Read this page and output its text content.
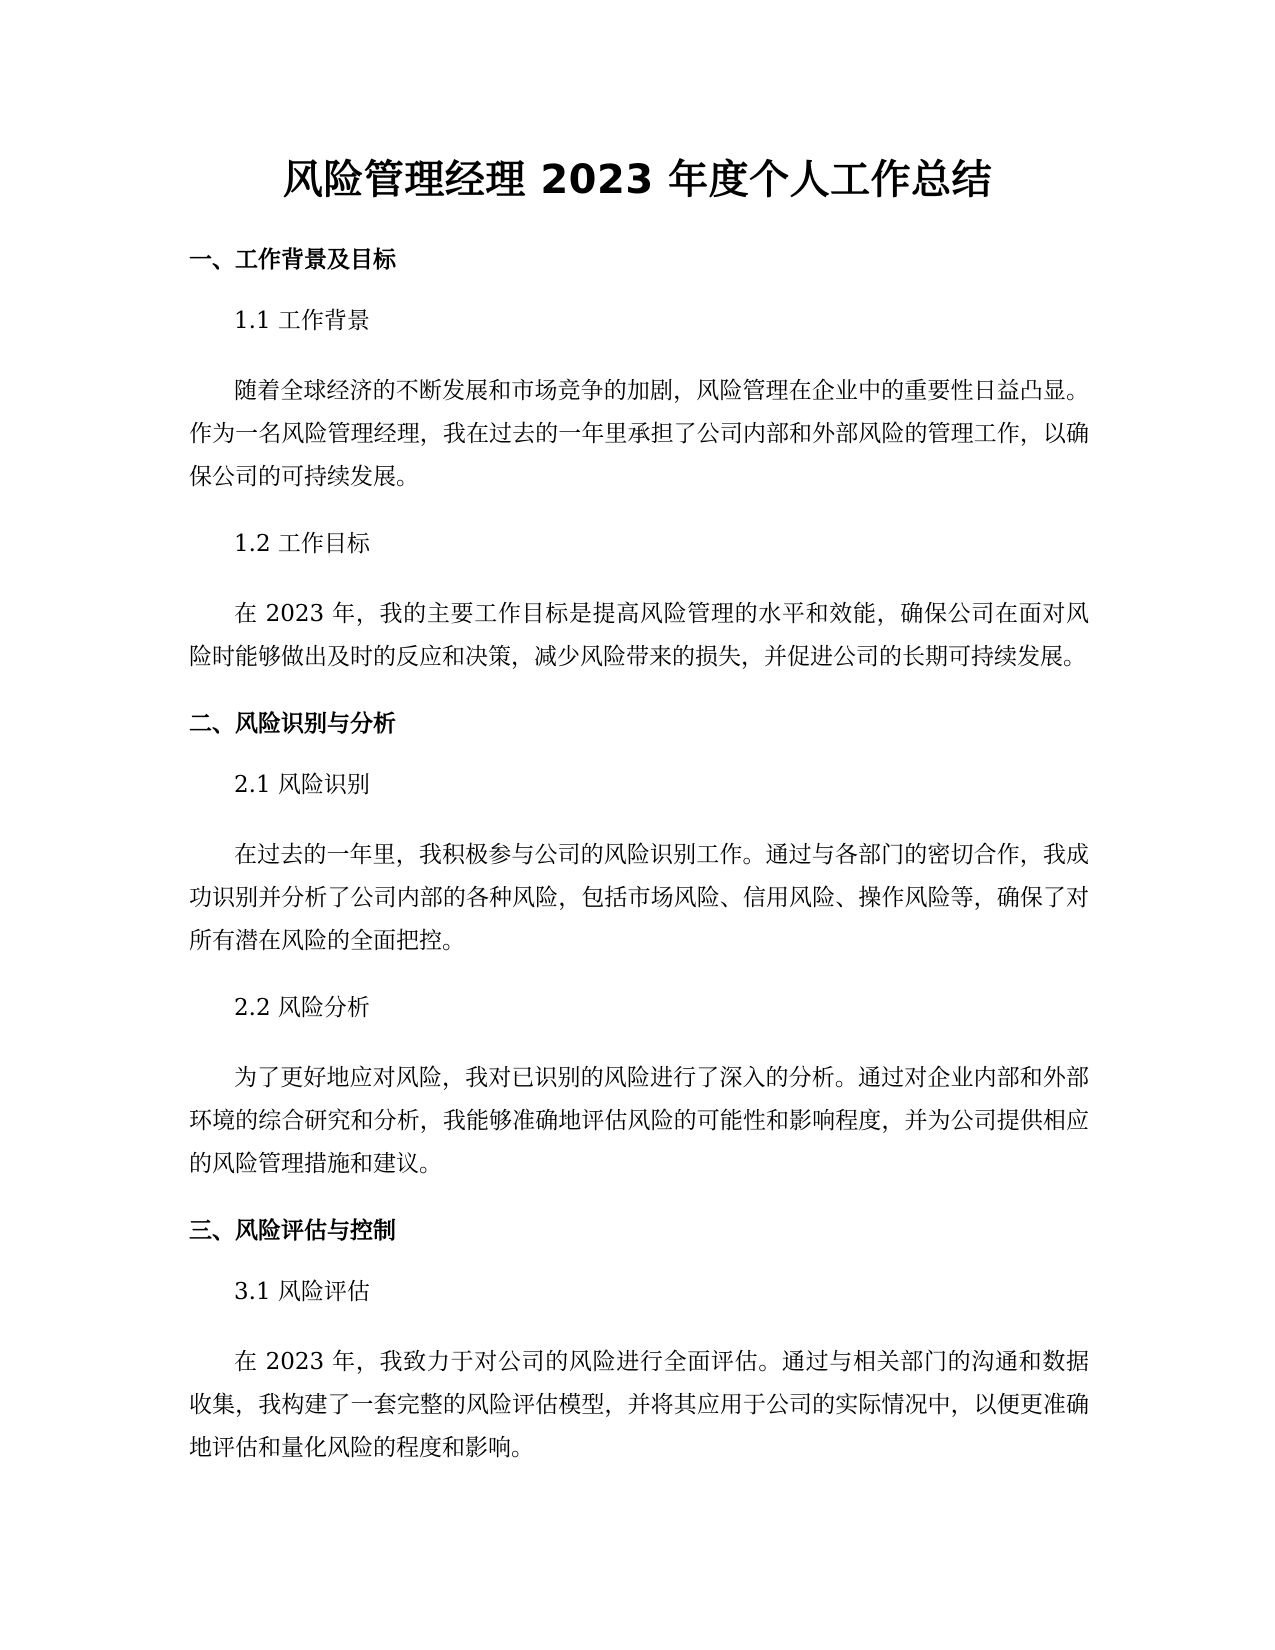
风险管理经理 2023 年度个人工作总结
一、工作背景及目标

1.1 工作背景

随着全球经济的不断发展和市场竞争的加剧，风险管理在企业中的重要性日益凸显。作为一名风险管理经理，我在过去的一年里承担了公司内部和外部风险的管理工作，以确保公司的可持续发展。

1.2 工作目标

在 2023 年，我的主要工作目标是提高风险管理的水平和效能，确保公司在面对风险时能够做出及时的反应和决策，减少风险带来的损失，并促进公司的长期可持续发展。

二、风险识别与分析

2.1 风险识别

在过去的一年里，我积极参与公司的风险识别工作。通过与各部门的密切合作，我成功识别并分析了公司内部的各种风险，包括市场风险、信用风险、操作风险等，确保了对所有潜在风险的全面把控。

2.2 风险分析

为了更好地应对风险，我对已识别的风险进行了深入的分析。通过对企业内部和外部环境的综合研究和分析，我能够准确地评估风险的可能性和影响程度，并为公司提供相应的风险管理措施和建议。

三、风险评估与控制

3.1 风险评估

在 2023 年，我致力于对公司的风险进行全面评估。通过与相关部门的沟通和数据收集，我构建了一套完整的风险评估模型，并将其应用于公司的实际情况中，以便更准确地评估和量化风险的程度和影响。
